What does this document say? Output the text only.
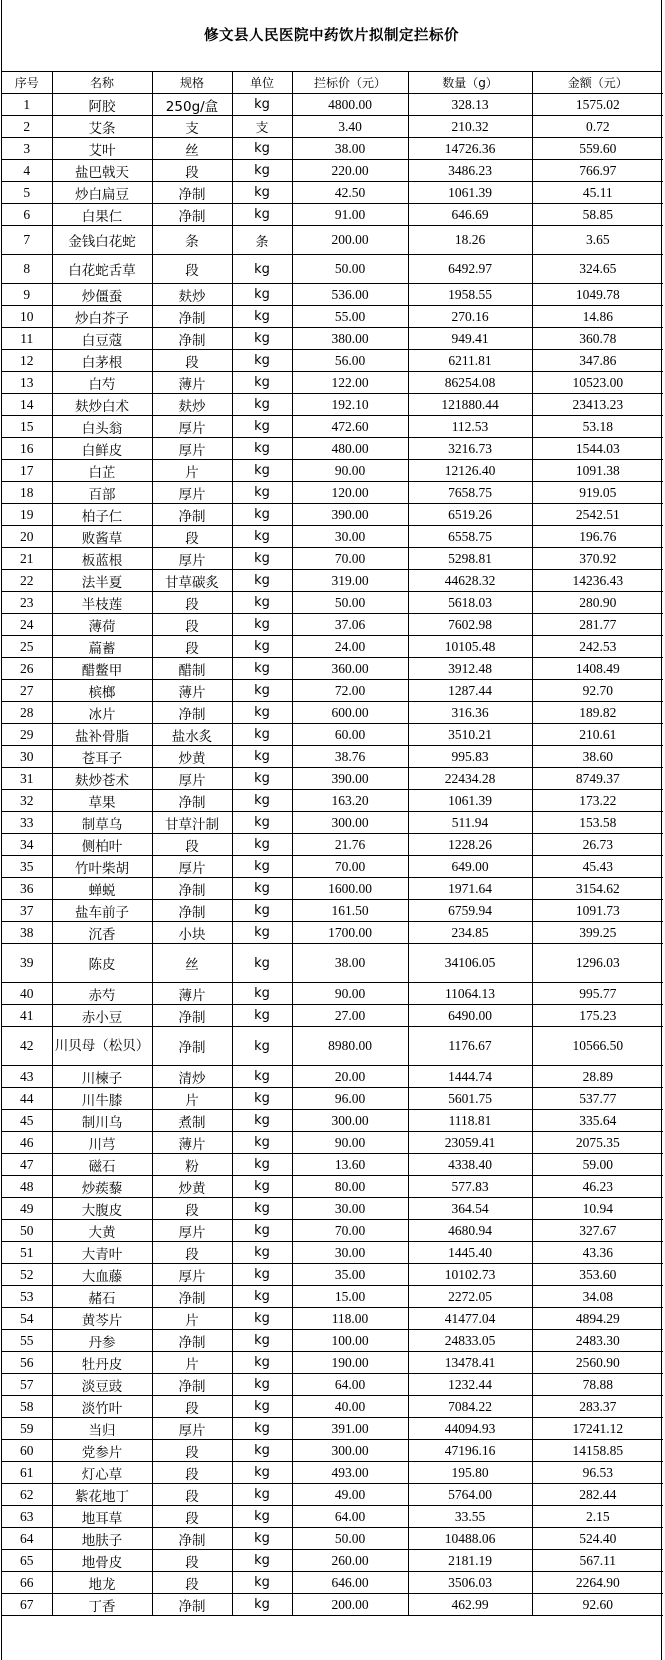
修文县人民医院中药饮片拟制定拦标价
序号	名称	规格	单位	拦标价（元）	数量（g）	金额（元）
1	阿胶	250g/盒	kg	4800.00	328.13	1575.02
2	艾条	支	支	3.40	210.32	0.72
3	艾叶	丝	kg	38.00	14726.36	559.60
4	盐巴戟天	段	kg	220.00	3486.23	766.97
5	炒白扁豆	净制	kg	42.50	1061.39	45.11
6	白果仁	净制	kg	91.00	646.69	58.85
7	金钱白花蛇	条	条	200.00	18.26	3.65
8	白花蛇舌草	段	kg	50.00	6492.97	324.65
9	炒僵蚕	麸炒	kg	536.00	1958.55	1049.78
10	炒白芥子	净制	kg	55.00	270.16	14.86
11	白豆蔻	净制	kg	380.00	949.41	360.78
12	白茅根	段	kg	56.00	6211.81	347.86
13	白芍	薄片	kg	122.00	86254.08	10523.00
14	麸炒白术	麸炒	kg	192.10	121880.44	23413.23
15	白头翁	厚片	kg	472.60	112.53	53.18
16	白鲜皮	厚片	kg	480.00	3216.73	1544.03
17	白芷	片	kg	90.00	12126.40	1091.38
18	百部	厚片	kg	120.00	7658.75	919.05
19	柏子仁	净制	kg	390.00	6519.26	2542.51
20	败酱草	段	kg	30.00	6558.75	196.76
21	板蓝根	厚片	kg	70.00	5298.81	370.92
22	法半夏	甘草碳炙	kg	319.00	44628.32	14236.43
23	半枝莲	段	kg	50.00	5618.03	280.90
24	薄荷	段	kg	37.06	7602.98	281.77
25	萹蓄	段	kg	24.00	10105.48	242.53
26	醋鳖甲	醋制	kg	360.00	3912.48	1408.49
27	槟榔	薄片	kg	72.00	1287.44	92.70
28	冰片	净制	kg	600.00	316.36	189.82
29	盐补骨脂	盐水炙	kg	60.00	3510.21	210.61
30	苍耳子	炒黄	kg	38.76	995.83	38.60
31	麸炒苍术	厚片	kg	390.00	22434.28	8749.37
32	草果	净制	kg	163.20	1061.39	173.22
33	制草乌	甘草汁制	kg	300.00	511.94	153.58
34	侧柏叶	段	kg	21.76	1228.26	26.73
35	竹叶柴胡	厚片	kg	70.00	649.00	45.43
36	蝉蜕	净制	kg	1600.00	1971.64	3154.62
37	盐车前子	净制	kg	161.50	6759.94	1091.73
38	沉香	小块	kg	1700.00	234.85	399.25
39	陈皮	丝	kg	38.00	34106.05	1296.03
40	赤芍	薄片	kg	90.00	11064.13	995.77
41	赤小豆	净制	kg	27.00	6490.00	175.23
42	川贝母（松贝）	净制	kg	8980.00	1176.67	10566.50
43	川楝子	清炒	kg	20.00	1444.74	28.89
44	川牛膝	片	kg	96.00	5601.75	537.77
45	制川乌	煮制	kg	300.00	1118.81	335.64
46	川芎	薄片	kg	90.00	23059.41	2075.35
47	磁石	粉	kg	13.60	4338.40	59.00
48	炒蒺藜	炒黄	kg	80.00	577.83	46.23
49	大腹皮	段	kg	30.00	364.54	10.94
50	大黄	厚片	kg	70.00	4680.94	327.67
51	大青叶	段	kg	30.00	1445.40	43.36
52	大血藤	厚片	kg	35.00	10102.73	353.60
53	赭石	净制	kg	15.00	2272.05	34.08
54	黄芩片	片	kg	118.00	41477.04	4894.29
55	丹参	净制	kg	100.00	24833.05	2483.30
56	牡丹皮	片	kg	190.00	13478.41	2560.90
57	淡豆豉	净制	kg	64.00	1232.44	78.88
58	淡竹叶	段	kg	40.00	7084.22	283.37
59	当归	厚片	kg	391.00	44094.93	17241.12
60	党参片	段	kg	300.00	47196.16	14158.85
61	灯心草	段	kg	493.00	195.80	96.53
62	紫花地丁	段	kg	49.00	5764.00	282.44
63	地耳草	段	kg	64.00	33.55	2.15
64	地肤子	净制	kg	50.00	10488.06	524.40
65	地骨皮	段	kg	260.00	2181.19	567.11
66	地龙	段	kg	646.00	3506.03	2264.90
67	丁香	净制	kg	200.00	462.99	92.60
